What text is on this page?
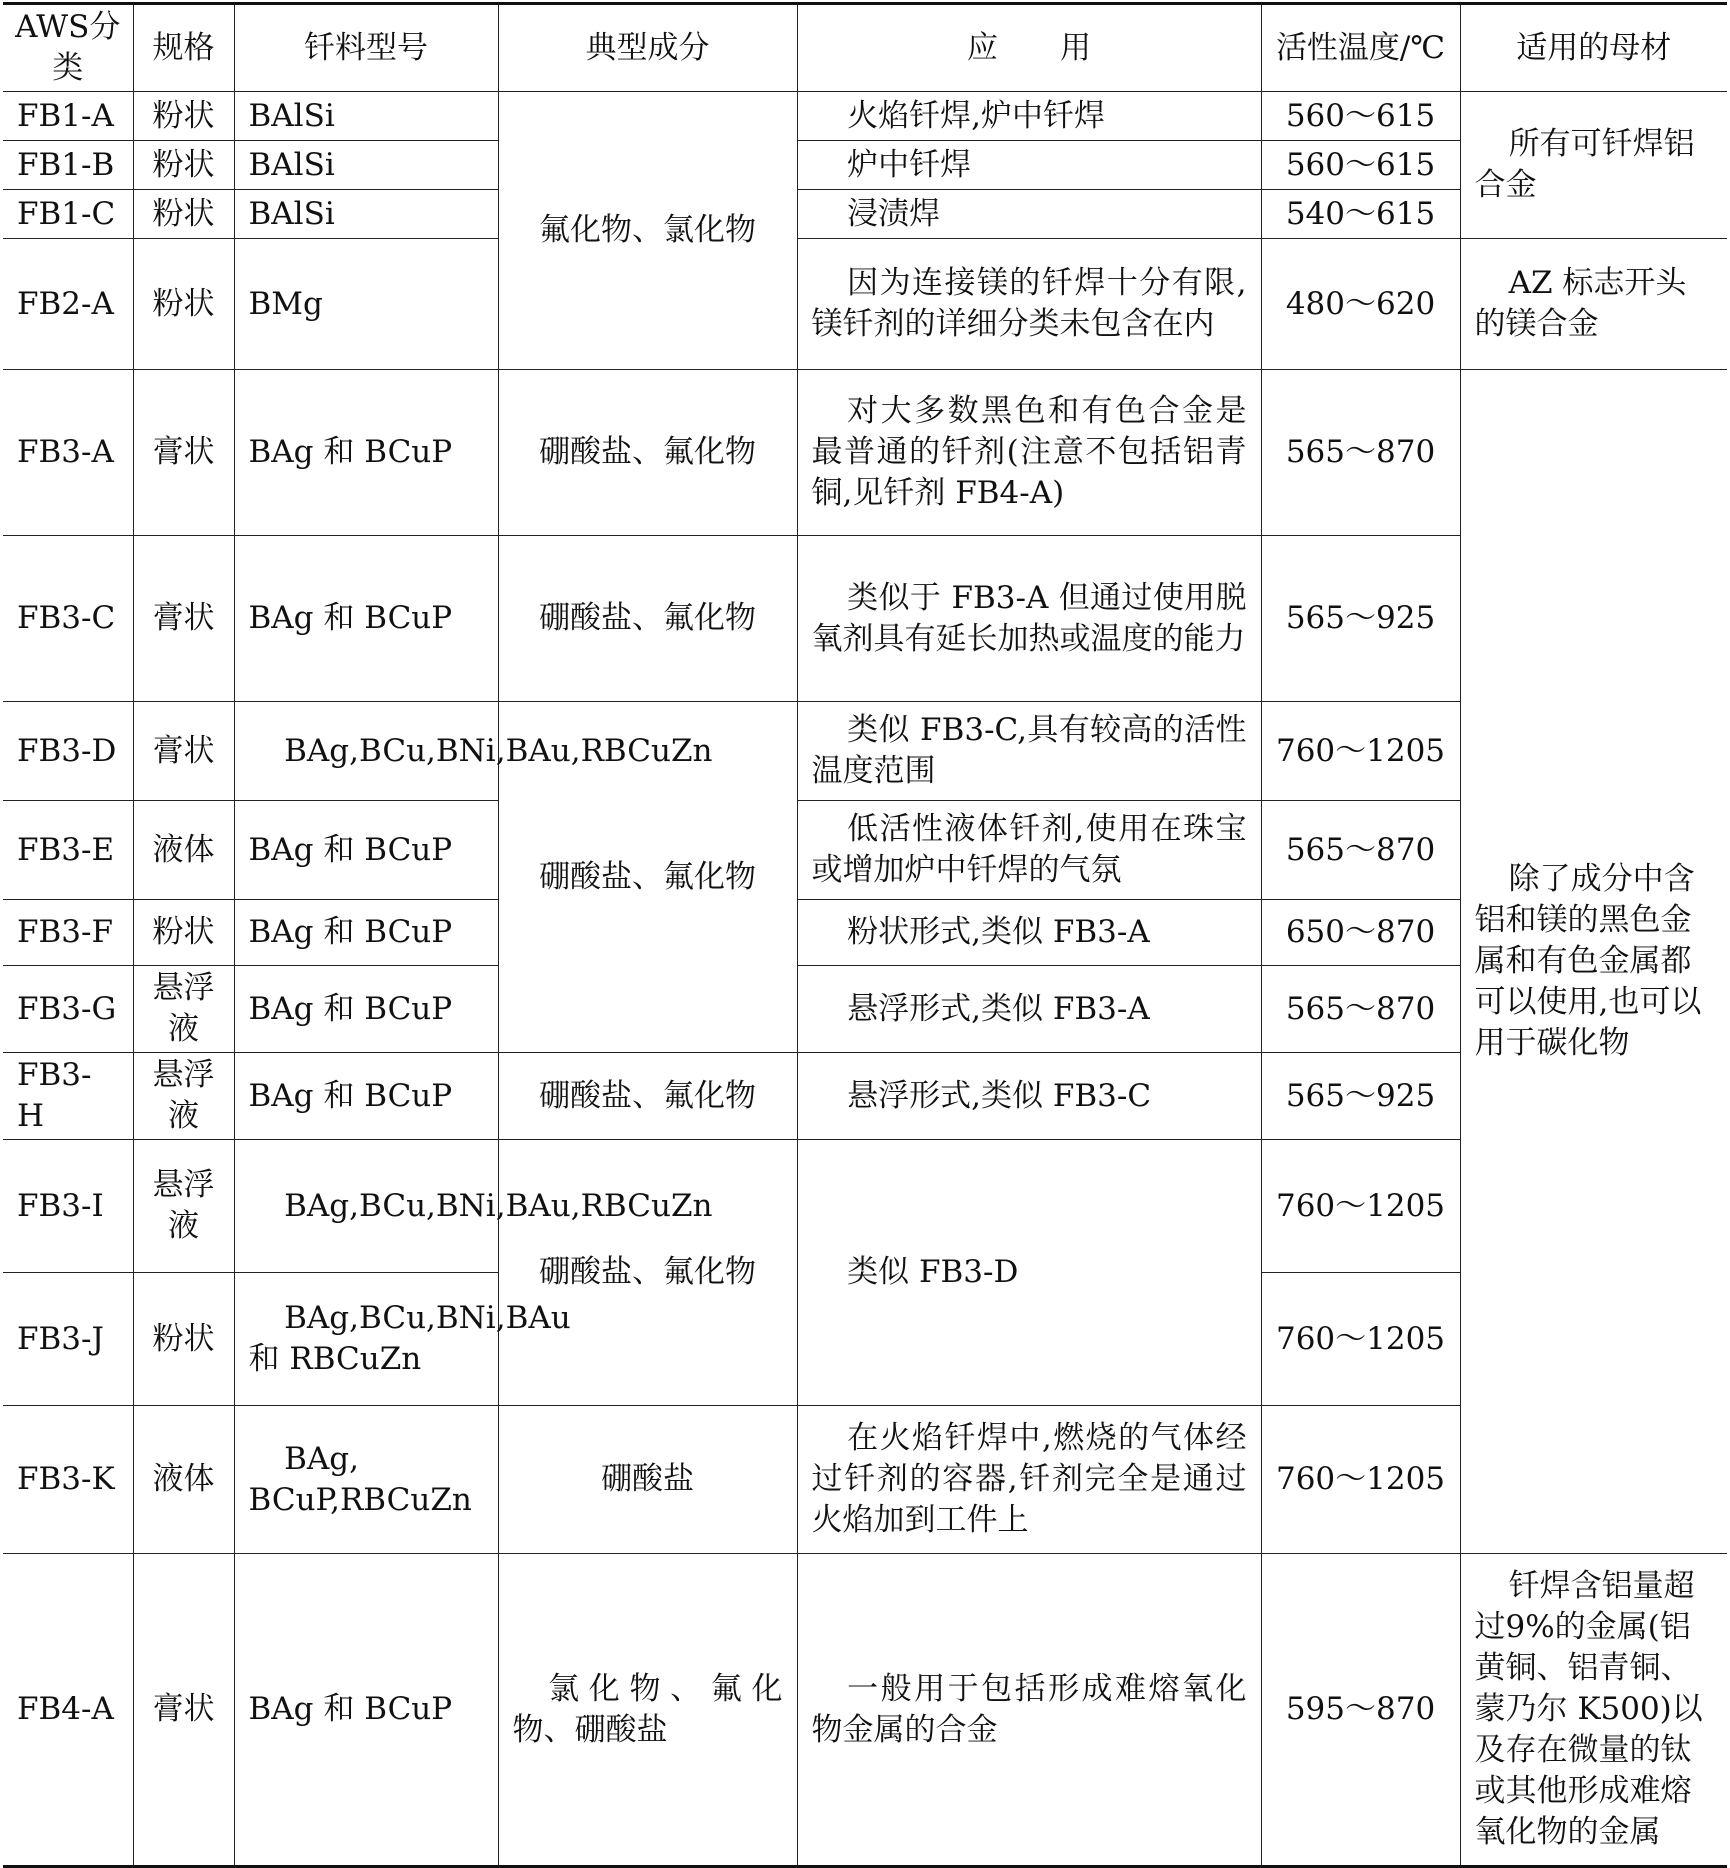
AWS分类	规格	钎料型号	典型成分	应　　用	活性温度/℃	适用的母材
FB1-A	粉状	BAlSi	氟化物、氯化物	火焰钎焊,炉中钎焊	560～615	所有可钎焊铝合金
FB1-B	粉状	BAlSi		炉中钎焊	560～615	
FB1-C	粉状	BAlSi		浸渍焊	540～615	
FB2-A	粉状	BMg		因为连接镁的钎焊十分有限,镁钎剂的详细分类未包含在内	480～620	AZ 标志开头的镁合金
FB3-A	膏状	BAg 和 BCuP	硼酸盐、氟化物	对大多数黑色和有色合金是最普通的钎剂(注意不包括铝青铜,见钎剂 FB4-A)	565～870	除了成分中含铝和镁的黑色金属和有色金属都可以使用,也可以用于碳化物
FB3-C	膏状	BAg 和 BCuP	硼酸盐、氟化物	类似于 FB3-A 但通过使用脱氧剂具有延长加热或温度的能力	565～925	
FB3-D	膏状	BAg,BCu,BNi,BAu,RBCuZn	硼酸盐、氟化物	类似 FB3-C,具有较高的活性温度范围	760～1205	
FB3-E	液体	BAg 和 BCuP		低活性液体钎剂,使用在珠宝或增加炉中钎焊的气氛	565～870	
FB3-F	粉状	BAg 和 BCuP		粉状形式,类似 FB3-A	650～870	
FB3-G	悬浮液	BAg 和 BCuP		悬浮形式,类似 FB3-A	565～870	
FB3-H	悬浮液	BAg 和 BCuP	硼酸盐、氟化物	悬浮形式,类似 FB3-C	565～925	
FB3-I	悬浮液	BAg,BCu,BNi,BAu,RBCuZn	硼酸盐、氟化物	类似 FB3-D	760～1205	
FB3-J	粉状	BAg,BCu,BNi,BAu 和 RBCuZn			760～1205	
FB3-K	液体	BAg, BCuP,RBCuZn	硼酸盐	在火焰钎焊中,燃烧的气体经过钎剂的容器,钎剂完全是通过火焰加到工件上	760～1205	
FB4-A	膏状	BAg 和 BCuP	氯化物、氟化物、硼酸盐	一般用于包括形成难熔氧化物金属的合金	595～870	钎焊含铝量超过9%的金属(铝黄铜、铝青铜、蒙乃尔 K500)以及存在微量的钛或其他形成难熔氧化物的金属
